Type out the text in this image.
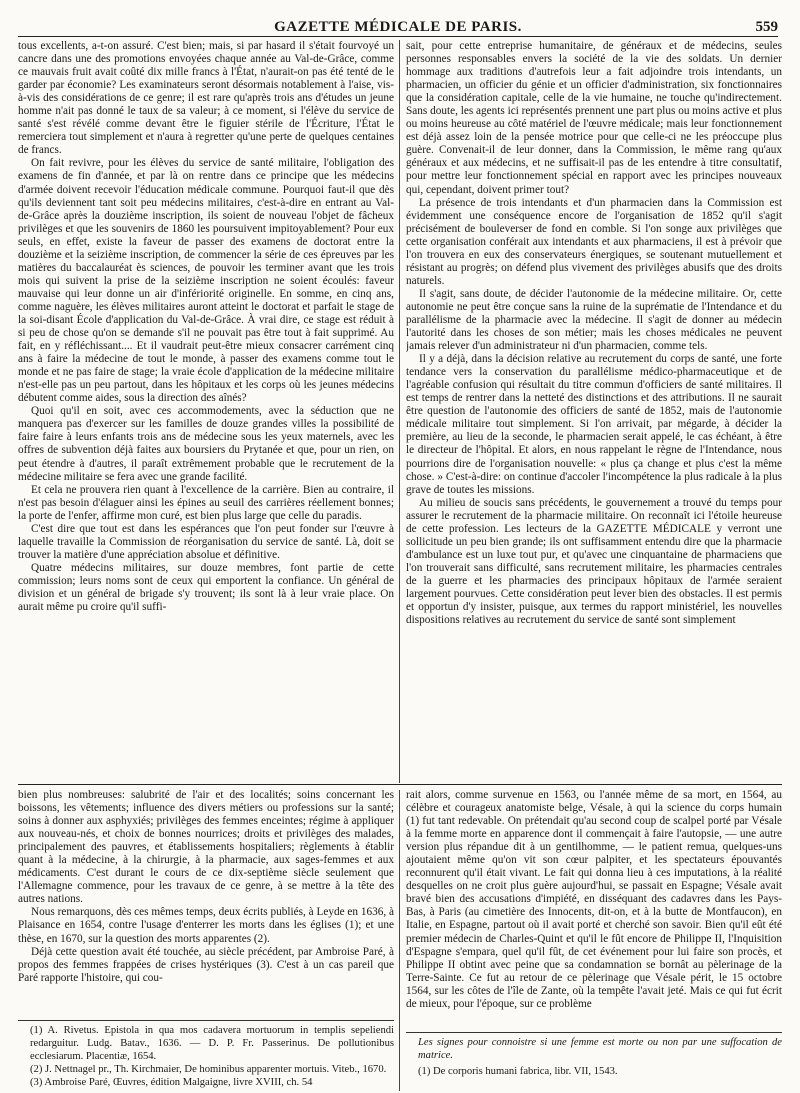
GAZETTE MÉDICALE DE PARIS.	559

tous excellents, a-t-on assuré. C'est bien; mais, si par hasard il s'était fourvoyé un cancre dans une des promotions envoyées chaque année au Val-de-Grâce, comme ce mauvais fruit avait coûté dix mille francs à l'État, n'aurait-on pas été tenté de le garder par économie? Les examinateurs seront désormais notablement à l'aise, vis-à-vis des considérations de ce genre; il est rare qu'après trois ans d'études un jeune homme n'ait pas donné le taux de sa valeur; à ce moment, si l'élève du service de santé s'est révélé comme devant être le figuier stérile de l'Écriture, l'État le remerciera tout simplement et n'aura à regretter qu'une perte de quelques centaines de francs.

On fait revivre, pour les élèves du service de santé militaire, l'obligation des examens de fin d'année, et par là on rentre dans ce principe que les médecins d'armée doivent recevoir l'éducation médicale commune. Pourquoi faut-il que dès qu'ils deviennent tant soit peu médecins militaires, c'est-à-dire en entrant au Val-de-Grâce après la douzième inscription, ils soient de nouveau l'objet de fâcheux privilèges et que les souvenirs de 1860 les poursuivent impitoyablement? Pour eux seuls, en effet, existe la faveur de passer des examens de doctorat entre la douzième et la seizième inscription, de commencer la série de ces épreuves par les matières du baccalauréat ès sciences, de pouvoir les terminer avant que les trois mois qui suivent la prise de la seizième inscription ne soient écoulés: faveur mauvaise qui leur donne un air d'infériorité originelle. En somme, en cinq ans, comme naguère, les élèves militaires auront atteint le doctorat et parfait le stage de la soi-disant École d'application du Val-de-Grâce. À vrai dire, ce stage est réduit à si peu de chose qu'on se demande s'il ne pouvait pas être tout à fait supprimé. Au fait, en y réfléchissant.... Et il vaudrait peut-être mieux consacrer carrément cinq ans à faire la médecine de tout le monde, à passer des examens comme tout le monde et ne pas faire de stage; la vraie école d'application de la médecine militaire n'est-elle pas un peu partout, dans les hôpitaux et les corps où les jeunes médecins débutent comme aides, sous la direction des aînés?

Quoi qu'il en soit, avec ces accommodements, avec la séduction que ne manquera pas d'exercer sur les familles de douze grandes villes la possibilité de faire faire à leurs enfants trois ans de médecine sous les yeux maternels, avec les offres de subvention déjà faites aux boursiers du Prytanée et que, pour un rien, on peut étendre à d'autres, il paraît extrêmement probable que le recrutement de la médecine militaire se fera avec une grande facilité.

Et cela ne prouvera rien quant à l'excellence de la carrière. Bien au contraire, il n'est pas besoin d'élaguer ainsi les épines au seuil des carrières réellement bonnes; la porte de l'enfer, affirme mon curé, est bien plus large que celle du paradis.

C'est dire que tout est dans les espérances que l'on peut fonder sur l'œuvre à laquelle travaille la Commission de réorganisation du service de santé. Là, doit se trouver la matière d'une appréciation absolue et définitive.

Quatre médecins militaires, sur douze membres, font partie de cette commission; leurs noms sont de ceux qui emportent la confiance. Un général de division et un général de brigade s'y trouvent; ils sont là à leur vraie place. On aurait même pu croire qu'il suffi-

sait, pour cette entreprise humanitaire, de généraux et de médecins, seules personnes responsables envers la société de la vie des soldats. Un dernier hommage aux traditions d'autrefois leur a fait adjoindre trois intendants, un pharmacien, un officier du génie et un officier d'administration, six fonctionnaires que la considération capitale, celle de la vie humaine, ne touche qu'indirectement. Sans doute, les agents ici représentés prennent une part plus ou moins active et plus ou moins heureuse au côté matériel de l'œuvre médicale; mais leur fonctionnement est déjà assez loin de la pensée motrice pour que celle-ci ne les préoccupe plus guère. Convenait-il de leur donner, dans la Commission, le même rang qu'aux généraux et aux médecins, et ne suffisait-il pas de les entendre à titre consultatif, pour mettre leur fonctionnement spécial en rapport avec les principes nouveaux qui, cependant, doivent primer tout?

La présence de trois intendants et d'un pharmacien dans la Commission est évidemment une conséquence encore de l'organisation de 1852 qu'il s'agit précisément de bouleverser de fond en comble. Si l'on songe aux privilèges que cette organisation conférait aux intendants et aux pharmaciens, il est à prévoir que l'on trouvera en eux des conservateurs énergiques, se soutenant mutuellement et résistant au progrès; on défend plus vivement des privilèges abusifs que des droits naturels.

Il s'agit, sans doute, de décider l'autonomie de la médecine militaire. Or, cette autonomie ne peut être conçue sans la ruine de la suprématie de l'Intendance et du parallélisme de la pharmacie avec la médecine. Il s'agit de donner au médecin l'autorité dans les choses de son métier; mais les choses médicales ne peuvent jamais relever d'un administrateur ni d'un pharmacien, comme tels.

Il y a déjà, dans la décision relative au recrutement du corps de santé, une forte tendance vers la conservation du parallélisme médico-pharmaceutique et de l'agréable confusion qui résultait du titre commun d'officiers de santé militaires. Il est temps de rentrer dans la netteté des distinctions et des attributions. Il ne saurait être question de l'autonomie des officiers de santé de 1852, mais de l'autonomie médicale militaire tout simplement. Si l'on arrivait, par mégarde, à décider la première, au lieu de la seconde, le pharmacien serait appelé, le cas échéant, à être le directeur de l'hôpital. Et alors, en nous rappelant le règne de l'Intendance, nous pourrions dire de l'organisation nouvelle: « plus ça change et plus c'est la même chose. » C'est-à-dire: on continue d'accoler l'incompétence la plus radicale à la plus grave de toutes les missions.

Au milieu de soucis sans précédents, le gouvernement a trouvé du temps pour assurer le recrutement de la pharmacie militaire. On reconnaît ici l'étoile heureuse de cette profession. Les lecteurs de la GAZETTE MÉDICALE y verront une sollicitude un peu bien grande; ils ont suffisamment entendu dire que la pharmacie d'ambulance est un luxe tout pur, et qu'avec une cinquantaine de pharmaciens que l'on trouverait sans difficulté, sans recrutement militaire, les pharmacies centrales de la guerre et les pharmacies des principaux hôpitaux de l'armée seraient largement pourvues. Cette considération peut lever bien des obstacles. Il est permis et opportun d'y insister, puisque, aux termes du rapport ministériel, les nouvelles dispositions relatives au recrutement du service de santé sont simplement

bien plus nombreuses: salubrité de l'air et des localités; soins concernant les boissons, les vêtements; influence des divers métiers ou professions sur la santé; soins à donner aux asphyxiés; privilèges des femmes enceintes; régime à appliquer aux nouveau-nés, et choix de bonnes nourrices; droits et privilèges des malades, principalement des pauvres, et établissements hospitaliers; règlements à établir quant à la médecine, à la chirurgie, à la pharmacie, aux sages-femmes et aux médicaments. C'est durant le cours de ce dix-septième siècle seulement que l'Allemagne commence, pour les travaux de ce genre, à se mettre à la tête des autres nations.

Nous remarquons, dès ces mêmes temps, deux écrits publiés, à Leyde en 1636, à Plaisance en 1654, contre l'usage d'enterrer les morts dans les églises (1); et une thèse, en 1670, sur la question des morts apparentes (2).

Déjà cette question avait été touchée, au siècle précédent, par Ambroise Paré, à propos des femmes frappées de crises hystériques (3). C'est à un cas pareil que Paré rapporte l'histoire, qui cou-

rait alors, comme survenue en 1563, ou l'année même de sa mort, en 1564, au célèbre et courageux anatomiste belge, Vésale, à qui la science du corps humain (1) fut tant redevable. On prétendait qu'au second coup de scalpel porté par Vésale à la femme morte en apparence dont il commençait à faire l'autopsie, — une autre version plus répandue dit à un gentilhomme, — le patient remua, quelques-uns ajoutaient même qu'on vit son cœur palpiter, et les spectateurs épouvantés reconnurent qu'il était vivant. Le fait qui donna lieu à ces imputations, à la réalité desquelles on ne croit plus guère aujourd'hui, se passait en Espagne; Vésale avait bravé bien des accusations d'impiété, en disséquant des cadavres dans les Pays-Bas, à Paris (au cimetière des Innocents, dit-on, et à la butte de Montfaucon), en Italie, en Espagne, partout où il avait porté et cherché son savoir. Bien qu'il eût été premier médecin de Charles-Quint et qu'il le fût encore de Philippe II, l'Inquisition d'Espagne s'empara, quel qu'il fût, de cet événement pour lui faire son procès, et Philippe II obtint avec peine que sa condamnation se bornât au pèlerinage de la Terre-Sainte. Ce fut au retour de ce pèlerinage que Vésale périt, le 15 octobre 1564, sur les côtes de l'île de Zante, où la tempête l'avait jeté. Mais ce qui fut écrit de mieux, pour l'époque, sur ce problème

(1) A. Rivetus. Epistola in qua mos cadavera mortuorum in templis sepeliendi redarguitur. Ludg. Batav., 1636. — D. P. Fr. Passerinus. De pollutionibus ecclesiarum. Placentiæ, 1654.

(2) J. Nettnagel pr., Th. Kirchmaier, De hominibus apparenter mortuis. Viteb., 1670.

(3) Ambroise Paré, Œuvres, édition Malgaigne, livre XVIII, ch. 54

Les signes pour connoistre si une femme est morte ou non par une suffocation de matrice.

(1) De corporis humani fabrica, libr. VII, 1543.
